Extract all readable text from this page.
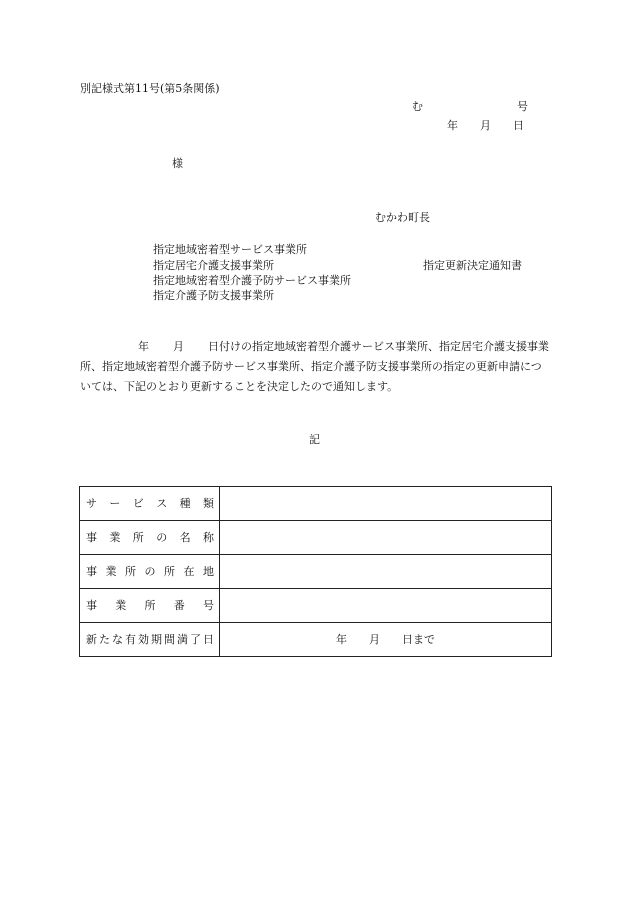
別記様式第11号(第5条関係)
む	号
年 月 日
様
むかわ町長
指定地域密着型サービス事業所
指定居宅介護支援事業所
指定地域密着型介護予防サービス事業所
指定介護予防支援事業所
指定更新決定通知書
年 月 日付けの指定地域密着型介護サービス事業所、指定居宅介護支援事業所、指定地域密着型介護予防サービス事業所、指定介護予防支援事業所の指定の更新申請については、下記のとおり更新することを決定したので通知します。
記
サービス種類	
事業所の名称	
事業所の所在地	
事業所番号	
新たな有効期間満了日	年　　月　　日まで
